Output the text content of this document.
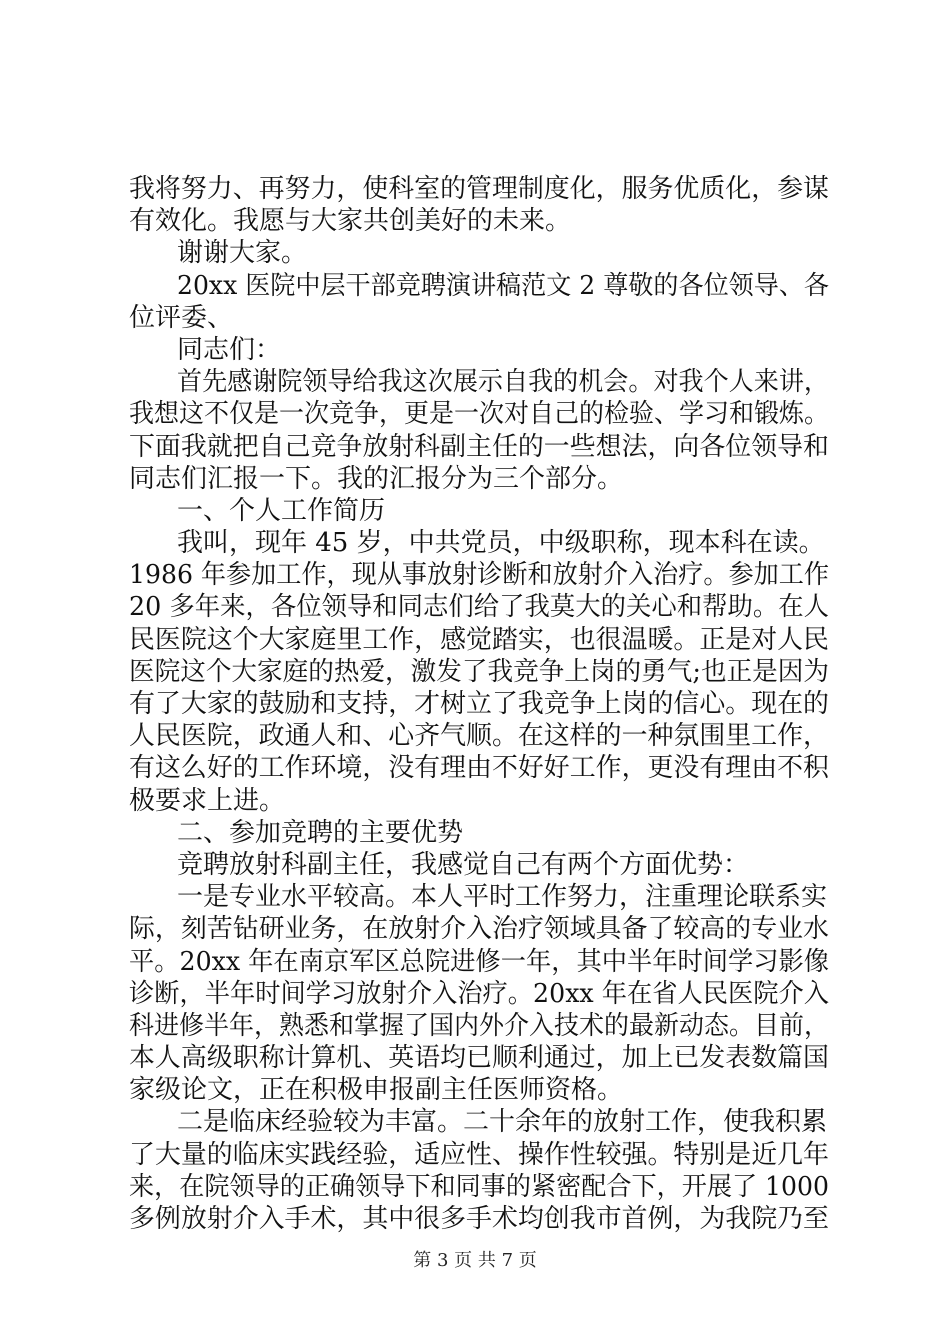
我将努力、再努力，使科室的管理制度化，服务优质化，参谋
有效化。我愿与大家共创美好的未来。
谢谢大家。
20xx 医院中层干部竞聘演讲稿范文 2 尊敬的各位领导、各
位评委、
同志们：
首先感谢院领导给我这次展示自我的机会。对我个人来讲，
我想这不仅是一次竞争，更是一次对自己的检验、学习和锻炼。
下面我就把自己竞争放射科副主任的一些想法，向各位领导和
同志们汇报一下。我的汇报分为三个部分。
一、个人工作简历
我叫，现年 45 岁，中共党员，中级职称，现本科在读。
1986 年参加工作，现从事放射诊断和放射介入治疗。参加工作
20 多年来，各位领导和同志们给了我莫大的关心和帮助。在人
民医院这个大家庭里工作，感觉踏实，也很温暖。正是对人民
医院这个大家庭的热爱，激发了我竞争上岗的勇气;也正是因为
有了大家的鼓励和支持，才树立了我竞争上岗的信心。现在的
人民医院，政通人和、心齐气顺。在这样的一种氛围里工作，
有这么好的工作环境，没有理由不好好工作，更没有理由不积
极要求上进。
二、参加竞聘的主要优势
竞聘放射科副主任，我感觉自己有两个方面优势：
一是专业水平较高。本人平时工作努力，注重理论联系实
际，刻苦钻研业务，在放射介入治疗领域具备了较高的专业水
平。20xx 年在南京军区总院进修一年，其中半年时间学习影像
诊断，半年时间学习放射介入治疗。20xx 年在省人民医院介入
科进修半年，熟悉和掌握了国内外介入技术的最新动态。目前，
本人高级职称计算机、英语均已顺利通过，加上已发表数篇国
家级论文，正在积极申报副主任医师资格。
二是临床经验较为丰富。二十余年的放射工作，使我积累
了大量的临床实践经验，适应性、操作性较强。特别是近几年
来，在院领导的正确领导下和同事的紧密配合下，开展了 1000
多例放射介入手术，其中很多手术均创我市首例，为我院乃至
第 3 页 共 7 页
